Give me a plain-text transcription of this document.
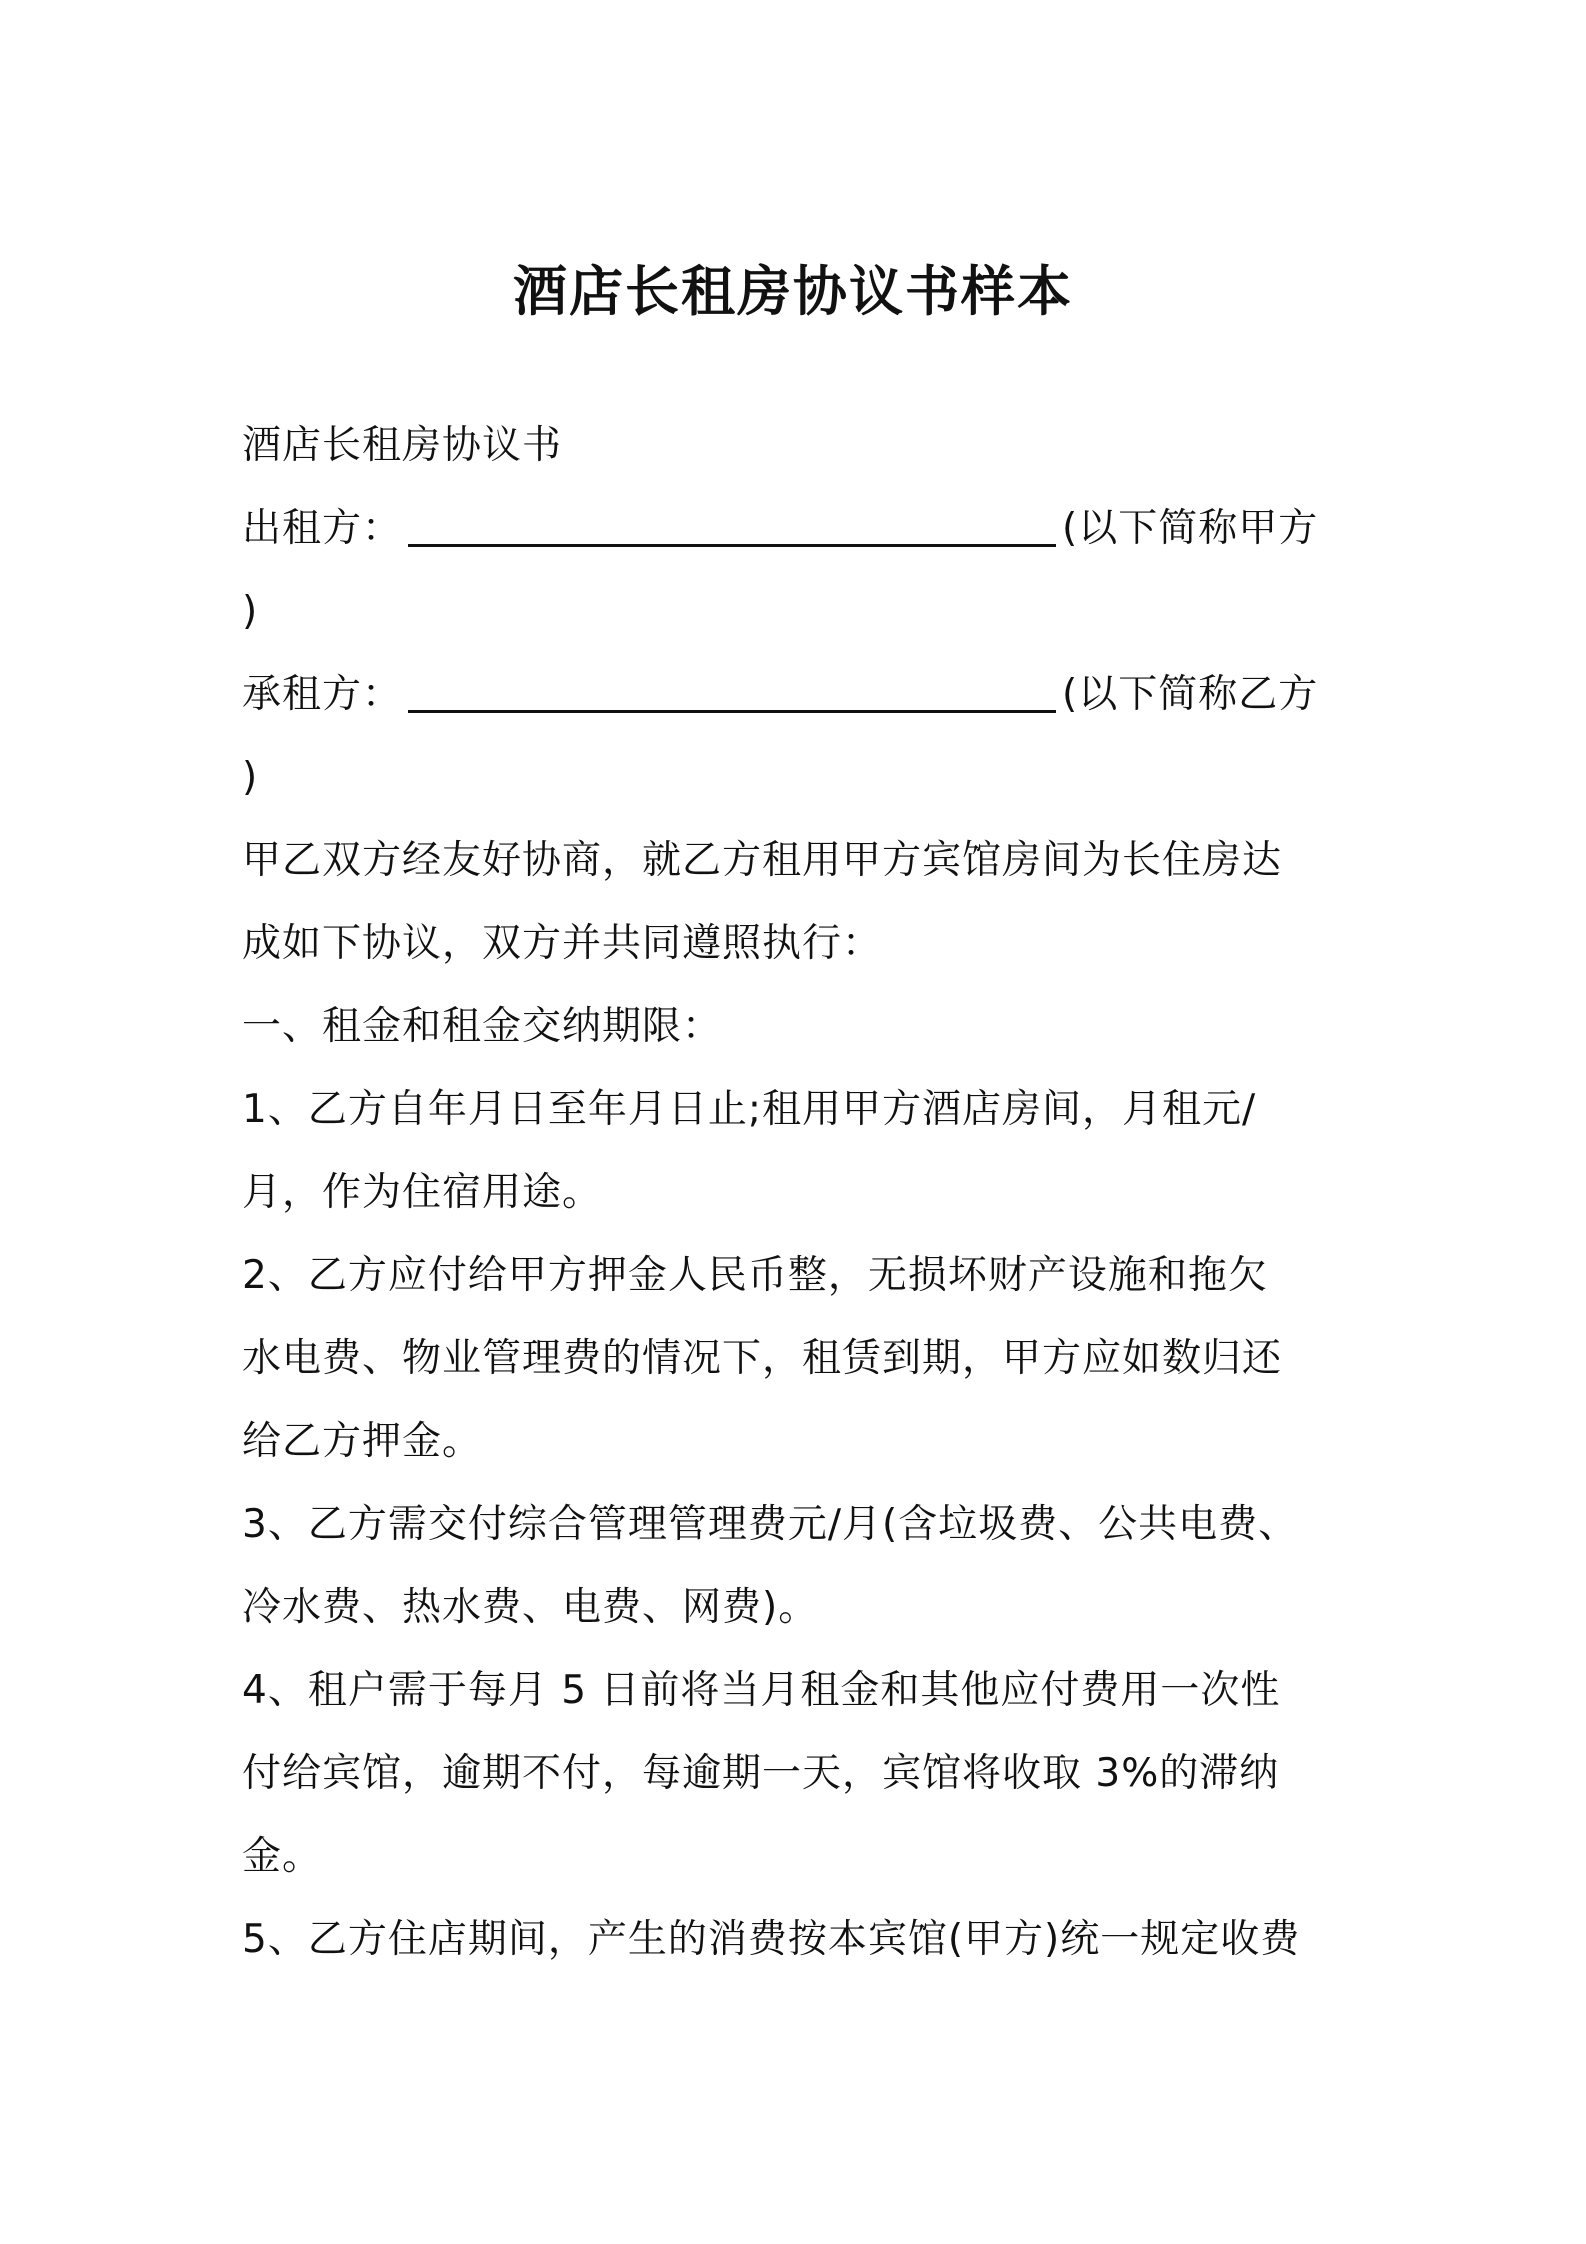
酒店长租房协议书样本

酒店长租房协议书

出租方：	(以下简称甲方

)

承租方：	(以下简称乙方

)

甲乙双方经友好协商，就乙方租用甲方宾馆房间为长住房达

成如下协议，双方并共同遵照执行：

一、租金和租金交纳期限：

1、乙方自年月日至年月日止;租用甲方酒店房间，月租元/

月，作为住宿用途。

2、乙方应付给甲方押金人民币整，无损坏财产设施和拖欠

水电费、物业管理费的情况下，租赁到期，甲方应如数归还

给乙方押金。

3、乙方需交付综合管理管理费元/月(含垃圾费、公共电费、

冷水费、热水费、电费、网费)。

4、租户需于每月 5 日前将当月租金和其他应付费用一次性

付给宾馆，逾期不付，每逾期一天，宾馆将收取 3%的滞纳

金。

5、乙方住店期间，产生的消费按本宾馆(甲方)统一规定收费
